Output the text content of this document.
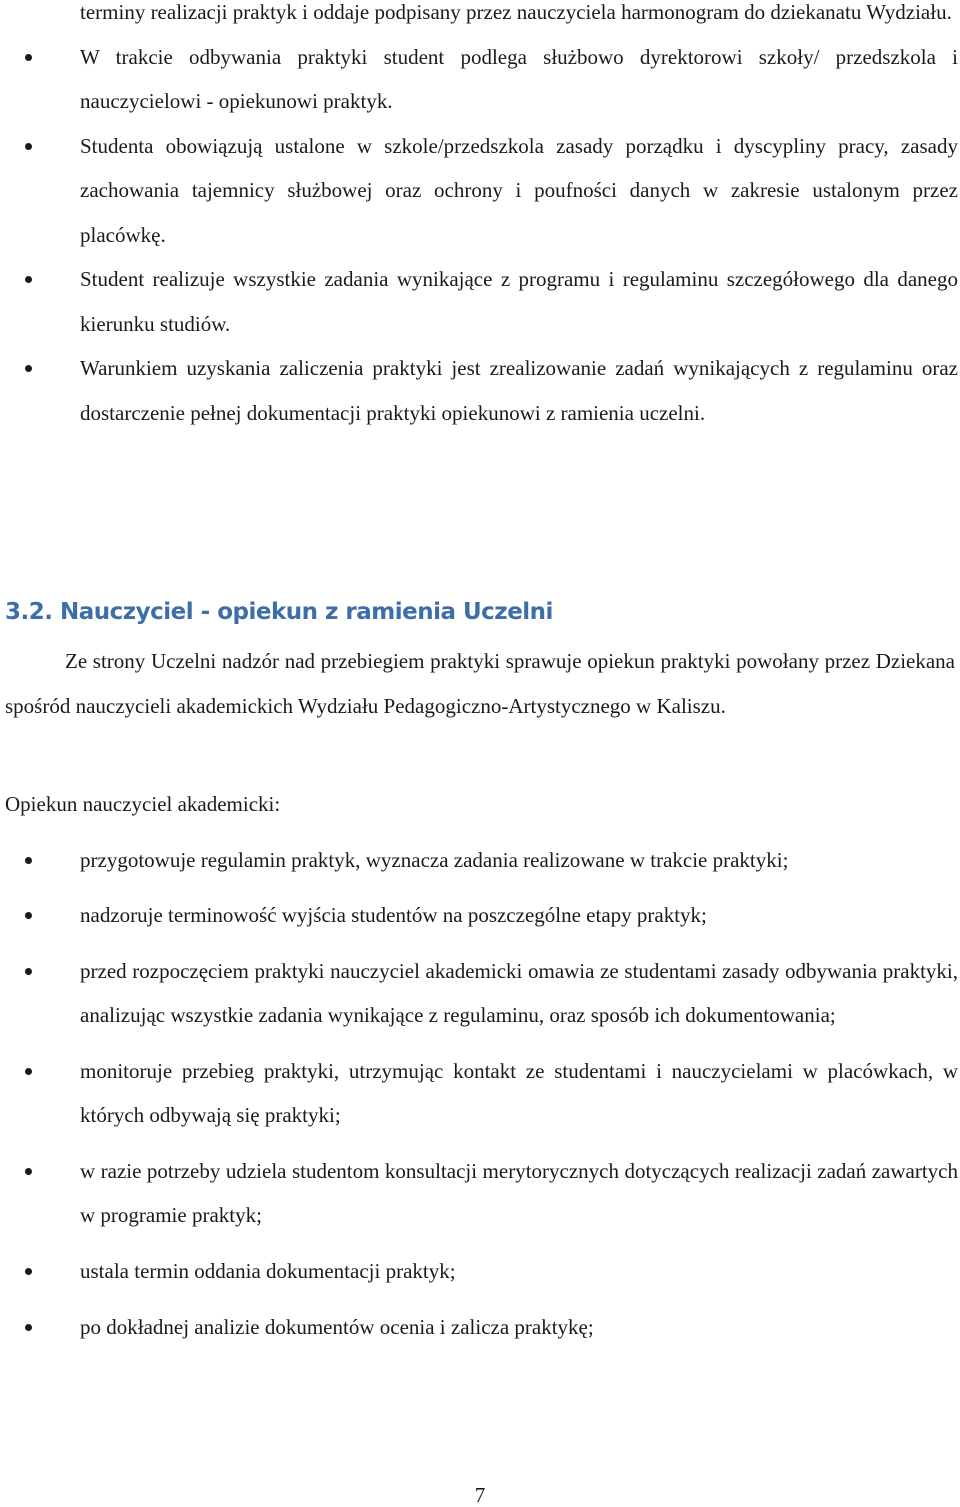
terminy realizacji praktyk i oddaje podpisany przez nauczyciela harmonogram do dziekanatu Wydziału.
W trakcie odbywania praktyki student podlega służbowo dyrektorowi szkoły/ przedszkola i nauczycielowi - opiekunowi praktyk.
Studenta obowiązują ustalone w szkole/przedszkola zasady porządku i dyscypliny pracy, zasady zachowania tajemnicy służbowej oraz ochrony i poufności danych w zakresie ustalonym przez placówkę.
Student realizuje wszystkie zadania wynikające z programu i regulaminu szczegółowego dla danego kierunku studiów.
Warunkiem uzyskania zaliczenia praktyki jest zrealizowanie zadań wynikających z regulaminu oraz dostarczenie pełnej dokumentacji praktyki opiekunowi z ramienia uczelni.
3.2. Nauczyciel - opiekun z ramienia Uczelni

Ze strony Uczelni nadzór nad przebiegiem praktyki sprawuje opiekun praktyki powołany przez Dziekana spośród nauczycieli akademickich Wydziału Pedagogiczno-Artystycznego w Kaliszu.

Opiekun nauczyciel akademicki:

przygotowuje regulamin praktyk, wyznacza zadania realizowane w trakcie praktyki;
nadzoruje terminowość wyjścia studentów na poszczególne etapy praktyk;
przed rozpoczęciem praktyki nauczyciel akademicki omawia ze studentami zasady odbywania praktyki, analizując wszystkie zadania wynikające z regulaminu, oraz sposób ich dokumentowania;
monitoruje przebieg praktyki, utrzymując kontakt ze studentami i nauczycielami w placówkach, w których odbywają się praktyki;
w razie potrzeby udziela studentom konsultacji merytorycznych dotyczących realizacji zadań zawartych w programie praktyk;
ustala termin oddania dokumentacji praktyk;
po dokładnej analizie dokumentów ocenia i zalicza praktykę;
7
